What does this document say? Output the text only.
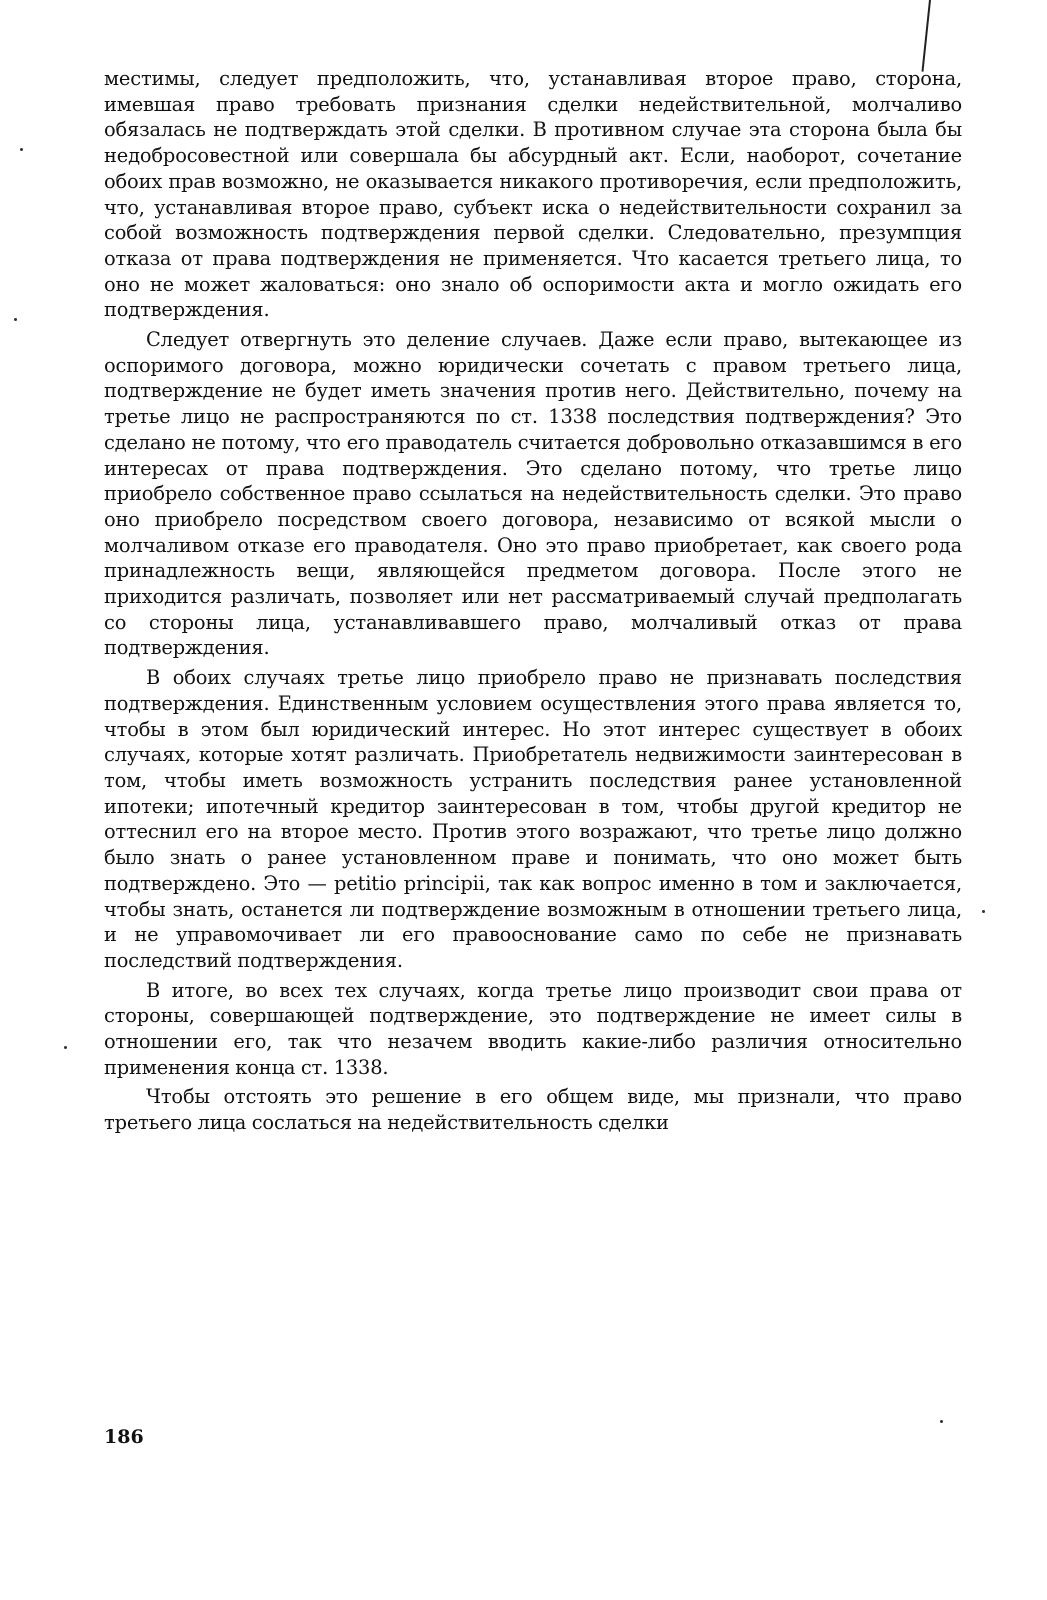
местимы, следует предположить, что, устанавливая второе право, сторона, имевшая право требовать признания сделки недействительной, молчаливо обязалась не подтверждать этой сделки. В противном случае эта сторона была бы недобросовестной или совершала бы абсурдный акт. Если, наоборот, сочетание обоих прав возможно, не оказывается никакого противоречия, если предположить, что, устанавливая второе право, субъект иска о недействительности сохранил за собой возможность подтверждения первой сделки. Следовательно, презумпция отказа от права подтверждения не применяется. Что касается третьего лица, то оно не может жаловаться: оно знало об оспоримости акта и могло ожидать его подтверждения.

Следует отвергнуть это деление случаев. Даже если право, вытекающее из оспоримого договора, можно юридически сочетать с правом третьего лица, подтверждение не будет иметь значения против него. Действительно, почему на третье лицо не распространяются по ст. 1338 последствия подтверждения? Это сделано не потому, что его праводатель считается добровольно отказавшимся в его интересах от права подтверждения. Это сделано потому, что третье лицо приобрело собственное право ссылаться на недействительность сделки. Это право оно приобрело посредством своего договора, независимо от всякой мысли о молчаливом отказе его праводателя. Оно это право приобретает, как своего рода принадлежность вещи, являющейся предметом договора. После этого не приходится различать, позволяет или нет рассматриваемый случай предполагать со стороны лица, устанавливавшего право, молчаливый отказ от права подтверждения.

В обоих случаях третье лицо приобрело право не признавать последствия подтверждения. Единственным условием осуществления этого права является то, чтобы в этом был юридический интерес. Но этот интерес существует в обоих случаях, которые хотят различать. Приобретатель недвижимости заинтересован в том, чтобы иметь возможность устранить последствия ранее установленной ипотеки; ипотечный кредитор заинтересован в том, чтобы другой кредитор не оттеснил его на второе место. Против этого возражают, что третье лицо должно было знать о ранее установленном праве и понимать, что оно может быть подтверждено. Это — petitio principii, так как вопрос именно в том и заключается, чтобы знать, останется ли подтверждение возможным в отношении третьего лица, и не управомочивает ли его правооснование само по себе не признавать последствий подтверждения.

В итоге, во всех тех случаях, когда третье лицо производит свои права от стороны, совершающей подтверждение, это подтверждение не имеет силы в отношении его, так что незачем вводить какие-либо различия относительно применения конца ст. 1338.

Чтобы отстоять это решение в его общем виде, мы признали, что право третьего лица сослаться на недействительность сделки

186
